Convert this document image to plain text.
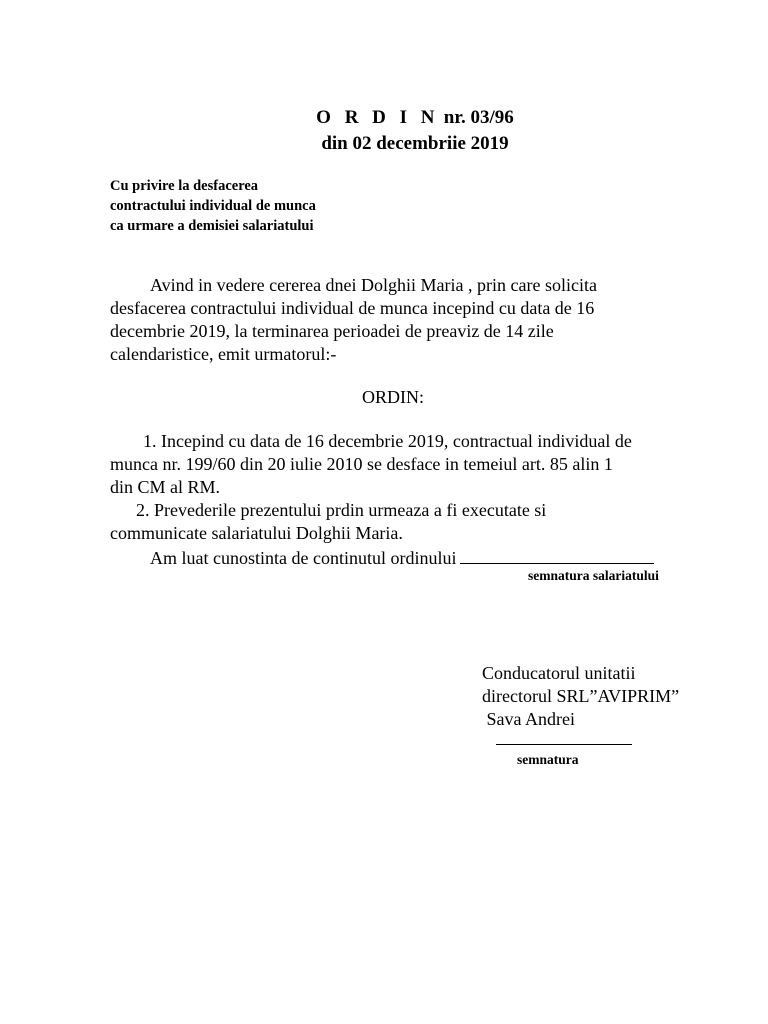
O R D I N nr. 03/96
din 02 decembriie 2019
Cu privire la desfacerea
contractului individual de munca
ca urmare a demisiei salariatului
Avind in vedere cererea dnei Dolghii Maria , prin care solicita
desfacerea contractului individual de munca incepind cu data de 16
decembrie 2019, la terminarea perioadei de preaviz de 14 zile
calendaristice, emit urmatorul:-
ORDIN:
1. Incepind cu data de 16 decembrie 2019, contractual individual de
munca nr. 199/60 din 20 iulie 2010 se desface in temeiul art. 85 alin 1
din CM al RM.
2. Prevederile prezentului prdin urmeaza a fi executate si
communicate salariatului Dolghii Maria.
Am luat cunostinta de continutul ordinului
semnatura salariatului
Conducatorul unitatii
directorul SRL”AVIPRIM”
Sava Andrei
semnatura
